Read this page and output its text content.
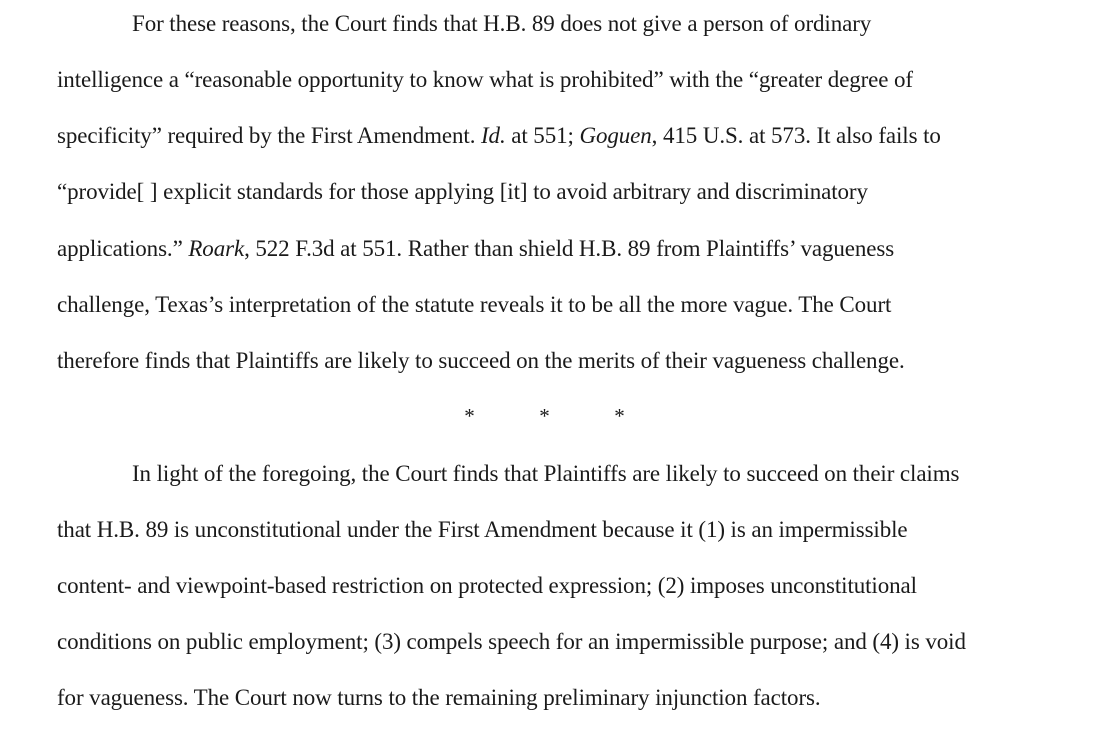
For these reasons, the Court finds that H.B. 89 does not give a person of ordinary
intelligence a “reasonable opportunity to know what is prohibited” with the “greater degree of
specificity” required by the First Amendment. Id. at 551; Goguen, 415 U.S. at 573. It also fails to
“provide[ ] explicit standards for those applying [it] to avoid arbitrary and discriminatory
applications.” Roark, 522 F.3d at 551. Rather than shield H.B. 89 from Plaintiffs’ vagueness
challenge, Texas’s interpretation of the statute reveals it to be all the more vague. The Court
therefore finds that Plaintiffs are likely to succeed on the merits of their vagueness challenge.
*	*	*
In light of the foregoing, the Court finds that Plaintiffs are likely to succeed on their claims
that H.B. 89 is unconstitutional under the First Amendment because it (1) is an impermissible
content- and viewpoint-based restriction on protected expression; (2) imposes unconstitutional
conditions on public employment; (3) compels speech for an impermissible purpose; and (4) is void
for vagueness. The Court now turns to the remaining preliminary injunction factors.
